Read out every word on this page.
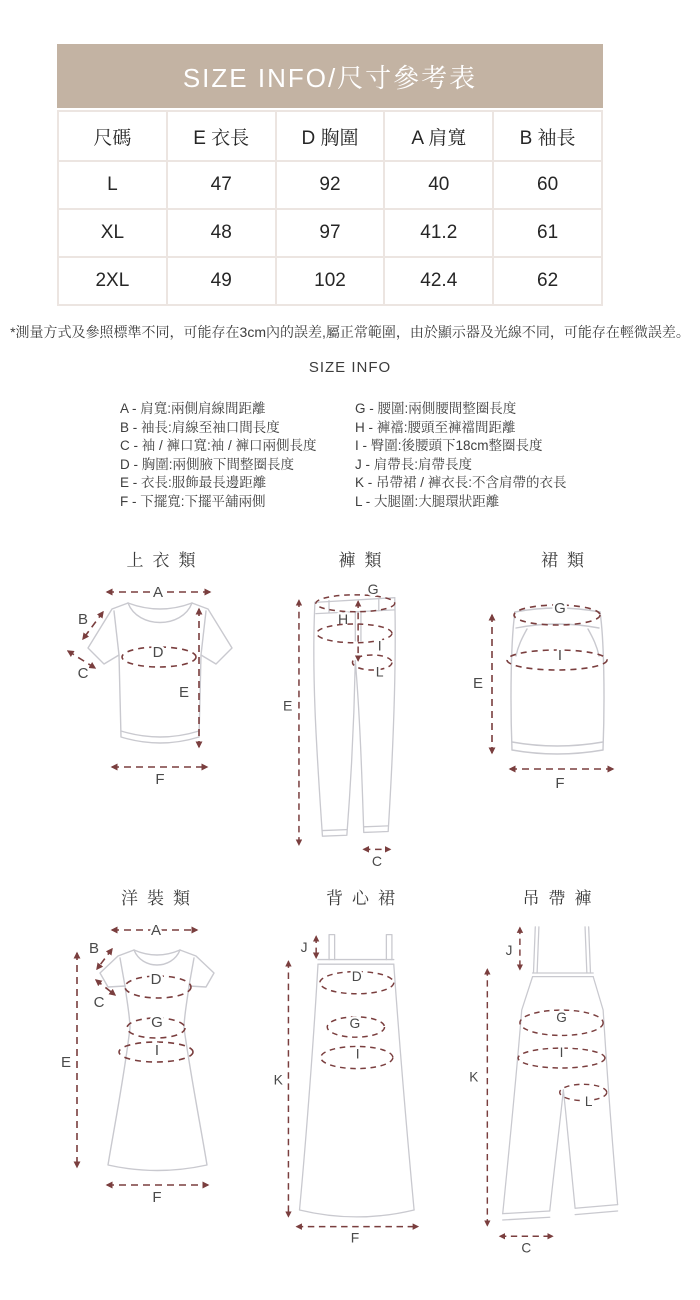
SIZE INFO/尺寸參考表
尺碼	E 衣長	D 胸圍	A 肩寬	B 袖長
L	47	92	40	60
XL	48	97	41.2	61
2XL	49	102	42.4	62
*測量方式及參照標準不同，可能存在3cm內的誤差,屬正常範圍，由於顯示器及光線不同，可能存在輕微誤差。
SIZE INFO
A - 肩寬:兩側肩線間距離
B - 袖長:肩線至袖口間長度
C - 袖 / 褲口寬:袖 / 褲口兩側長度
D - 胸圍:兩側腋下間整圈長度
E - 衣長:服飾最長邊距離
F - 下擺寬:下擺平舖兩側
G - 腰圍:兩側腰間整圈長度
H - 褲襠:腰頭至褲襠間距離
I - 臀圍:後腰頭下18cm整圈長度
J - 肩帶長:肩帶長度
K - 吊帶裙 / 褲衣長:不含肩帶的衣長
L - 大腿圍:大腿環狀距離
上衣類	褲類	裙類
A
B
C
D
E
F
G
H
I
L
E
C
G
I
E
F
洋裝類	背心裙	吊帶褲
A
B
C
D
G
I
E
F
J
D
G
I
K
F
J
G
I
L
K
C
